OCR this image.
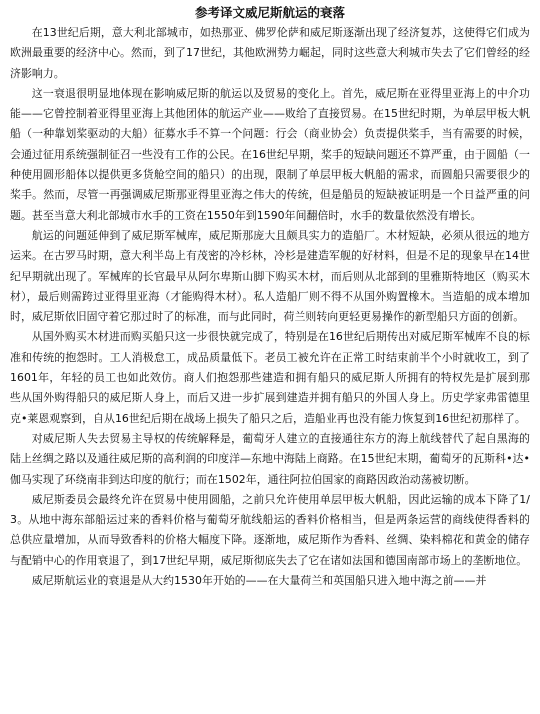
参考译文威尼斯航运的衰落

在13世纪后期，意大利北部城市，如热那亚、佛罗伦萨和威尼斯逐渐出现了经济复苏，这使得它们成为欧洲最重要的经济中心。然而，到了17世纪，其他欧洲势力崛起，同时这些意大利城市失去了它们曾经的经济影响力。

这一衰退很明显地体现在影响威尼斯的航运以及贸易的变化上。首先，威尼斯在亚得里亚海上的中介功能——它曾控制着亚得里亚海上其他团体的航运产业——败给了直接贸易。在15世纪时期，为单层甲板大帆船（一种靠划桨驱动的大船）征募水手不算一个问题：行会（商业协会）负责提供桨手，当有需要的时候，会通过征用系统强制征召一些没有工作的公民。在16世纪早期，桨手的短缺问题还不算严重，由于圆船（一种使用圆形船体以提供更多货舱空间的船只）的出现，限制了单层甲板大帆船的需求，而圆船只需要很少的桨手。然而，尽管一再强调威尼斯那亚得里亚海之伟大的传统，但是船员的短缺被证明是一个日益严重的问题。甚至当意大利北部城市水手的工资在1550年到1590年间翻倍时，水手的数量依然没有增长。

航运的问题延伸到了威尼斯军械库，威尼斯那庞大且颇具实力的造船厂。木材短缺，必须从很远的地方运来。在古罗马时期，意大利半岛上有茂密的冷杉林，冷杉是建造军舰的好材料，但是不足的现象早在14世纪早期就出现了。军械库的长官最早从阿尔卑斯山脚下购买木材，而后则从北部到的里雅斯特地区（购买木材），最后则需跨过亚得里亚海（才能购得木材）。私人造船厂则不得不从国外购置橡木。当造船的成本增加时，威尼斯依旧固守着它那过时了的标准，而与此同时，荷兰则转向更轻更易操作的新型船只方面的创新。

从国外购买木材进而购买船只这一步很快就完成了，特别是在16世纪后期传出对威尼斯军械库不良的标准和传统的抱怨时。工人消极怠工，成品质量低下。老员工被允许在正常工时结束前半个小时就收工，到了1601年，年轻的员工也如此效仿。商人们抱怨那些建造和拥有船只的威尼斯人所拥有的特权先是扩展到那些从国外购得船只的威尼斯人身上，而后又进一步扩展到建造并拥有船只的外国人身上。历史学家弗雷德里克•莱恩观察到，自从16世纪后期在战场上损失了船只之后，造船业再也没有能力恢复到16世纪初那样了。

对威尼斯人失去贸易主导权的传统解释是，葡萄牙人建立的直接通往东方的海上航线替代了起自黑海的陆上丝绸之路以及通往威尼斯的高利润的印度洋—东地中海陆上商路。在15世纪末期，葡萄牙的瓦斯科•达•伽马实现了环绕南非到达印度的航行；而在1502年，通往阿拉伯国家的商路因政治动荡被切断。

威尼斯委员会最终允许在贸易中使用圆船，之前只允许使用单层甲板大帆船，因此运输的成本下降了1/3。从地中海东部船运过来的香料价格与葡萄牙航线船运的香料价格相当，但是两条运营的商线使得香料的总供应量增加，从而导致香料的价格大幅度下降。逐渐地，威尼斯作为香料、丝绸、染料棉花和黄金的储存与配销中心的作用衰退了，到17世纪早期，威尼斯彻底失去了它在诸如法国和德国南部市场上的垄断地位。

威尼斯航运业的衰退是从大约1530年开始的——在大量荷兰和英国船只进入地中海之前——并
